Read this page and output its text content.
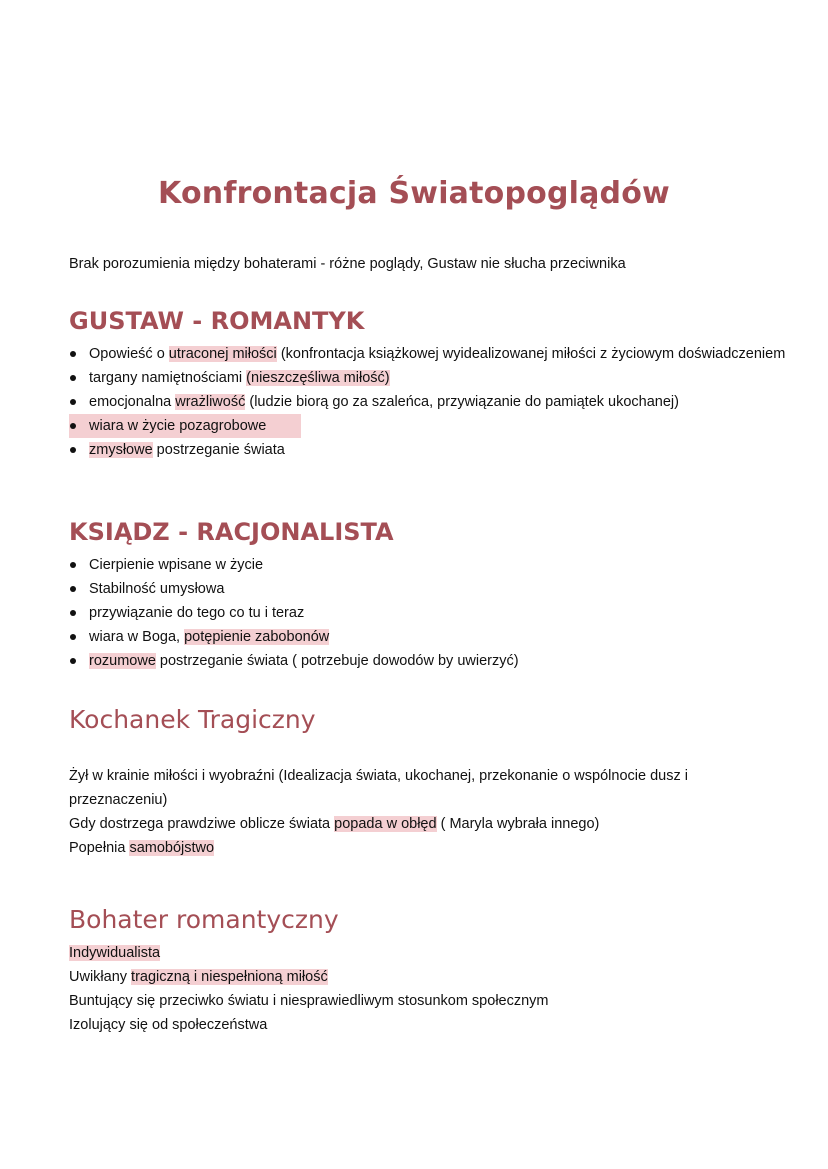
Konfrontacja Światopoglądów
Brak porozumienia między bohaterami - różne poglądy, Gustaw nie słucha przeciwnika
GUSTAW - ROMANTYK
Opowieść o utraconej miłości (konfrontacja książkowej wyidealizowanej miłości z życiowym doświadczeniem
targany namiętnościami (nieszczęśliwa miłość)
emocjonalna wrażliwość (ludzie biorą go za szaleńca, przywiązanie do pamiątek ukochanej)
wiara w życie pozagrobowe
zmysłowe postrzeganie świata
KSIĄDZ - RACJONALISTA
Cierpienie wpisane w życie
Stabilność umysłowa
przywiązanie do tego co tu i teraz
wiara w Boga, potępienie zabobonów
rozumowe postrzeganie świata ( potrzebuje dowodów by uwierzyć)
Kochanek Tragiczny

Żył w krainie miłości i wyobraźni (Idealizacja świata, ukochanej, przekonanie o wspólnocie dusz i przeznaczeniu)

Gdy dostrzega prawdziwe oblicze świata popada w obłęd ( Maryla wybrała innego)

Popełnia samobójstwo

Bohater romantyczny

Indywidualista

Uwikłany tragiczną i niespełnioną miłość

Buntujący się przeciwko światu i niesprawiedliwym stosunkom społecznym

Izolujący się od społeczeństwa
